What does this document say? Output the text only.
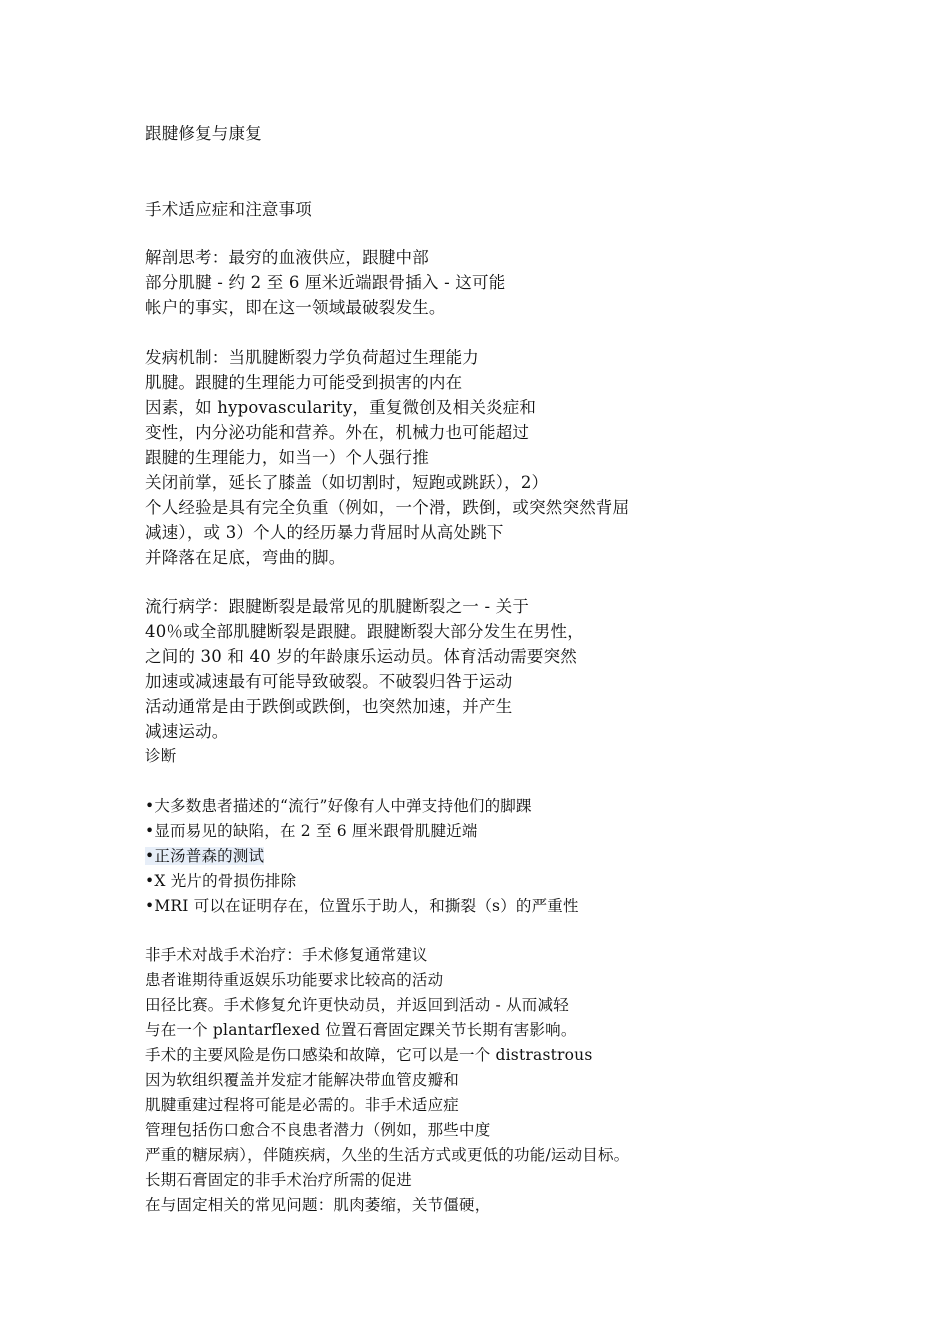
跟腱修复与康复
手术适应症和注意事项
解剖思考：最穷的血液供应，跟腱中部
部分肌腱 - 约 2 至 6 厘米近端跟骨插入 - 这可能
帐户的事实，即在这一领域最破裂发生。
发病机制：当肌腱断裂力学负荷超过生理能力
肌腱。跟腱的生理能力可能受到损害的内在
因素，如 hypovascularity，重复微创及相关炎症和
变性，内分泌功能和营养。外在，机械力也可能超过
跟腱的生理能力，如当一）个人强行推
关闭前掌，延长了膝盖（如切割时，短跑或跳跃），2）
个人经验是具有完全负重（例如，一个滑，跌倒，或突然突然背屈
减速），或 3）个人的经历暴力背屈时从高处跳下
并降落在足底，弯曲的脚。
流行病学：跟腱断裂是最常见的肌腱断裂之一 - 关于
40％或全部肌腱断裂是跟腱。跟腱断裂大部分发生在男性，
之间的 30 和 40 岁的年龄康乐运动员。体育活动需要突然
加速或减速最有可能导致破裂。不破裂归咎于运动
活动通常是由于跌倒或跌倒，也突然加速，并产生
减速运动。
诊断
•大多数患者描述的“流行”好像有人中弹支持他们的脚踝
•显而易见的缺陷，在 2 至 6 厘米跟骨肌腱近端
•正汤普森的测试
•X 光片的骨损伤排除
•MRI 可以在证明存在，位置乐于助人，和撕裂（s）的严重性
非手术对战手术治疗：手术修复通常建议
患者谁期待重返娱乐功能要求比较高的活动
田径比赛。手术修复允许更快动员，并返回到活动 - 从而减轻
与在一个 plantarflexed 位置石膏固定踝关节长期有害影响。
手术的主要风险是伤口感染和故障，它可以是一个 distrastrous
因为软组织覆盖并发症才能解决带血管皮瓣和
肌腱重建过程将可能是必需的。非手术适应症
管理包括伤口愈合不良患者潜力（例如，那些中度
严重的糖尿病），伴随疾病，久坐的生活方式或更低的功能/运动目标。
长期石膏固定的非手术治疗所需的促进
在与固定相关的常见问题：肌肉萎缩，关节僵硬，
